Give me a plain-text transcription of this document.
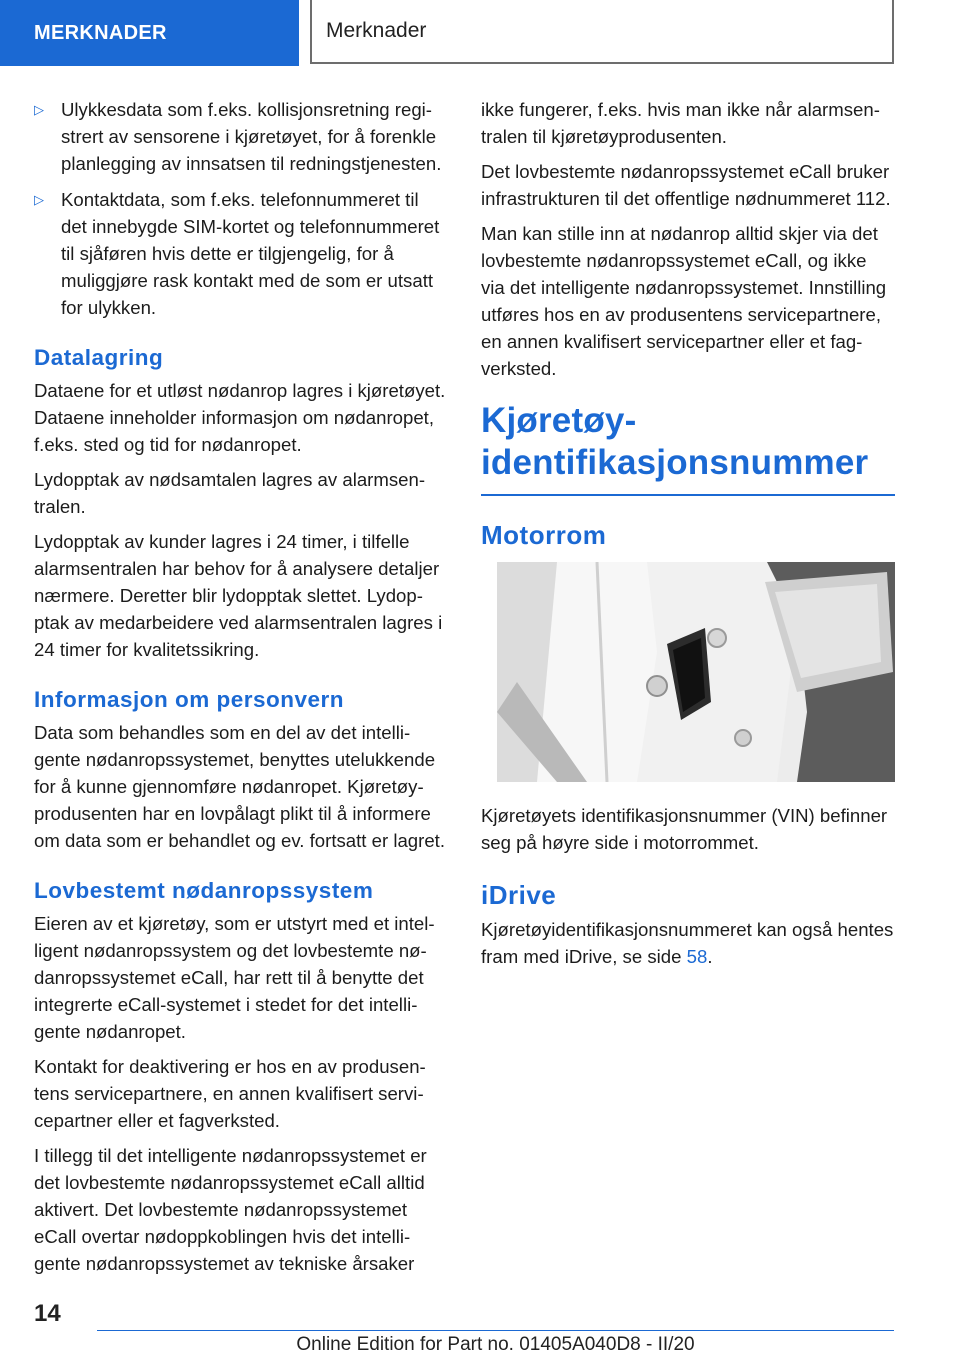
MERKNADER	Merknader
▷ Ulykkesdata som f.eks. kollisjonsretning registrert av sensorene i kjøretøyet, for å forenkle planlegging av innsatsen til redningstjenesten.
▷ Kontaktdata, som f.eks. telefonnummeret til det innebygde SIM-kortet og telefonnummeret til sjåføren hvis dette er tilgjengelig, for å muliggjøre rask kontakt med de som er utsatt for ulykken.
Datalagring

Dataene for et utløst nødanrop lagres i kjøretøyet. Dataene inneholder informasjon om nødanropet, f.eks. sted og tid for nødanropet.

Lydopptak av nødsamtalen lagres av alarmsentralen.

Lydopptak av kunder lagres i 24 timer, i tilfelle alarmsentralen har behov for å analysere detaljer nærmere. Deretter blir lydopptak slettet. Lydopptak av medarbeidere ved alarmsentralen lagres i 24 timer for kvalitetssikring.

Informasjon om personvern

Data som behandles som en del av det intelligente nødanropssystemet, benyttes utelukkende for å kunne gjennomføre nødanropet. Kjøretøyprodusenten har en lovpålagt plikt til å informere om data som er behandlet og ev. fortsatt er lagret.

Lovbestemt nødanropssystem

Eieren av et kjøretøy, som er utstyrt med et intelligent nødanropssystem og det lovbestemte nødanropssystemet eCall, har rett til å benytte det integrerte eCall-systemet i stedet for det intelligente nødanropet.

Kontakt for deaktivering er hos en av produsentens servicepartnere, en annen kvalifisert servicepartner eller et fagverksted.

I tillegg til det intelligente nødanropssystemet er det lovbestemte nødanropssystemet eCall alltid aktivert. Det lovbestemte nødanropssystemet eCall overtar nødoppkoblingen hvis det intelligente nødanropssystemet av tekniske årsaker

ikke fungerer, f.eks. hvis man ikke når alarmsentralen til kjøretøyprodusenten.

Det lovbestemte nødanropssystemet eCall bruker infrastrukturen til det offentlige nødnummeret 112.

Man kan stille inn at nødanrop alltid skjer via det lovbestemte nødanropssystemet eCall, og ikke via det intelligente nødanropssystemet. Innstilling utføres hos en av produsentens servicepartnere, en annen kvalifisert servicepartner eller et fagverksted.

Kjøretøy-
identifikasjonsnummer
Motorrom

Kjøretøyets identifikasjonsnummer (VIN) befinner seg på høyre side i motorrommet.

iDrive

Kjøretøyidentifikasjonsnummeret kan også hentes fram med iDrive, se side 58.

14
Online Edition for Part no. 01405A040D8 - II/20
